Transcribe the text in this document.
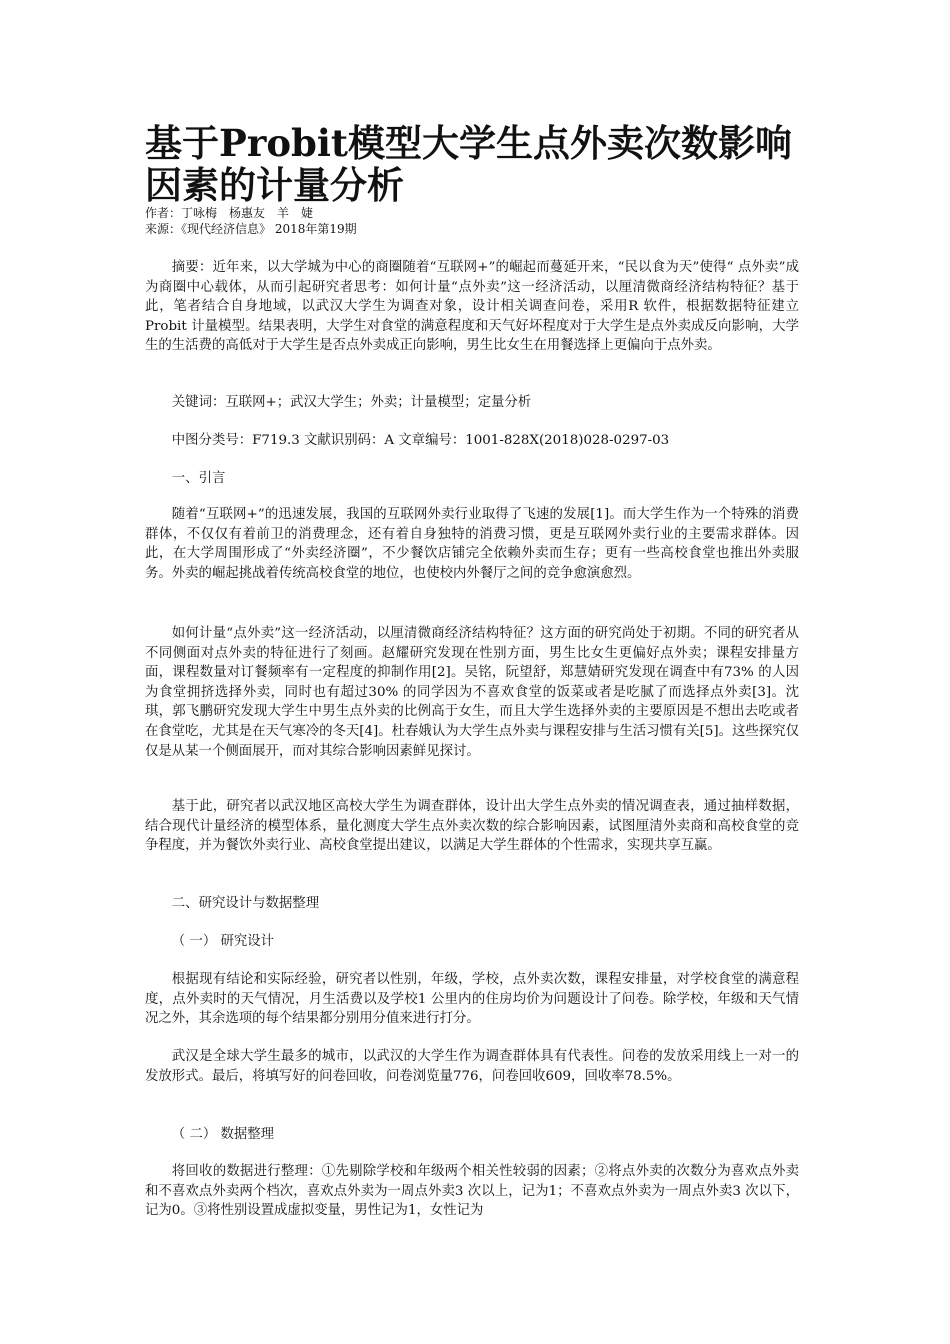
基于Probit模型大学生点外卖次数影响因素的计量分析
作者：丁咏梅　杨惠友　羊　婕
来源：《现代经济信息》 2018年第19期

摘要：近年来，以大学城为中心的商圈随着“互联网+”的崛起而蔓延开来，“民以食为天”使得“ 点外卖”成为商圈中心载体，从而引起研究者思考：如何计量“点外卖”这一经济活动，以厘清微商经济结构特征？基于此，笔者结合自身地域，以武汉大学生为调查对象，设计相关调查问卷，采用R 软件，根据数据特征建立Probit 计量模型。结果表明，大学生对食堂的满意程度和天气好坏程度对于大学生是点外卖成反向影响，大学生的生活费的高低对于大学生是否点外卖成正向影响，男生比女生在用餐选择上更偏向于点外卖。

关键词：互联网+；武汉大学生；外卖；计量模型；定量分析

中图分类号：F719.3 文献识别码：A 文章编号：1001-828X(2018)028-0297-03

一、引言

随着“互联网+”的迅速发展，我国的互联网外卖行业取得了飞速的发展[1]。而大学生作为一个特殊的消费群体，不仅仅有着前卫的消费理念，还有着自身独特的消费习惯，更是互联网外卖行业的主要需求群体。因此，在大学周围形成了“外卖经济圈”，不少餐饮店铺完全依赖外卖而生存；更有一些高校食堂也推出外卖服务。外卖的崛起挑战着传统高校食堂的地位，也使校内外餐厅之间的竞争愈演愈烈。

如何计量“点外卖”这一经济活动，以厘清微商经济结构特征？这方面的研究尚处于初期。不同的研究者从不同侧面对点外卖的特征进行了刻画。赵耀研究发现在性别方面，男生比女生更偏好点外卖；课程安排量方面，课程数量对订餐频率有一定程度的抑制作用[2]。吴铭，阮望舒，郑慧婧研究发现在调查中有73% 的人因为食堂拥挤选择外卖，同时也有超过30% 的同学因为不喜欢食堂的饭菜或者是吃腻了而选择点外卖[3]。沈琪，郭飞鹏研究发现大学生中男生点外卖的比例高于女生，而且大学生选择外卖的主要原因是不想出去吃或者在食堂吃，尤其是在天气寒冷的冬天[4]。杜春娥认为大学生点外卖与课程安排与生活习惯有关[5]。这些探究仅仅是从某一个侧面展开，而对其综合影响因素鲜见探讨。

基于此，研究者以武汉地区高校大学生为调查群体，设计出大学生点外卖的情况调查表，通过抽样数据，结合现代计量经济的模型体系，量化测度大学生点外卖次数的综合影响因素，试图厘清外卖商和高校食堂的竞争程度，并为餐饮外卖行业、高校食堂提出建议，以满足大学生群体的个性需求，实现共享互赢。

二、研究设计与数据整理

（ 一） 研究设计

根据现有结论和实际经验，研究者以性别，年级，学校，点外卖次数，课程安排量，对学校食堂的满意程度，点外卖时的天气情况，月生活费以及学校1 公里内的住房均价为问题设计了问卷。除学校，年级和天气情况之外，其余选项的每个结果都分别用分值来进行打分。

武汉是全球大学生最多的城市，以武汉的大学生作为调查群体具有代表性。问卷的发放采用线上一对一的发放形式。最后，将填写好的问卷回收，问卷浏览量776，问卷回收609，回收率78.5%。

（ 二） 数据整理

将回收的数据进行整理：①先剔除学校和年级两个相关性较弱的因素；②将点外卖的次数分为喜欢点外卖和不喜欢点外卖两个档次，喜欢点外卖为一周点外卖3 次以上，记为1；不喜欢点外卖为一周点外卖3 次以下，记为0。③将性别设置成虚拟变量，男性记为1，女性记为
